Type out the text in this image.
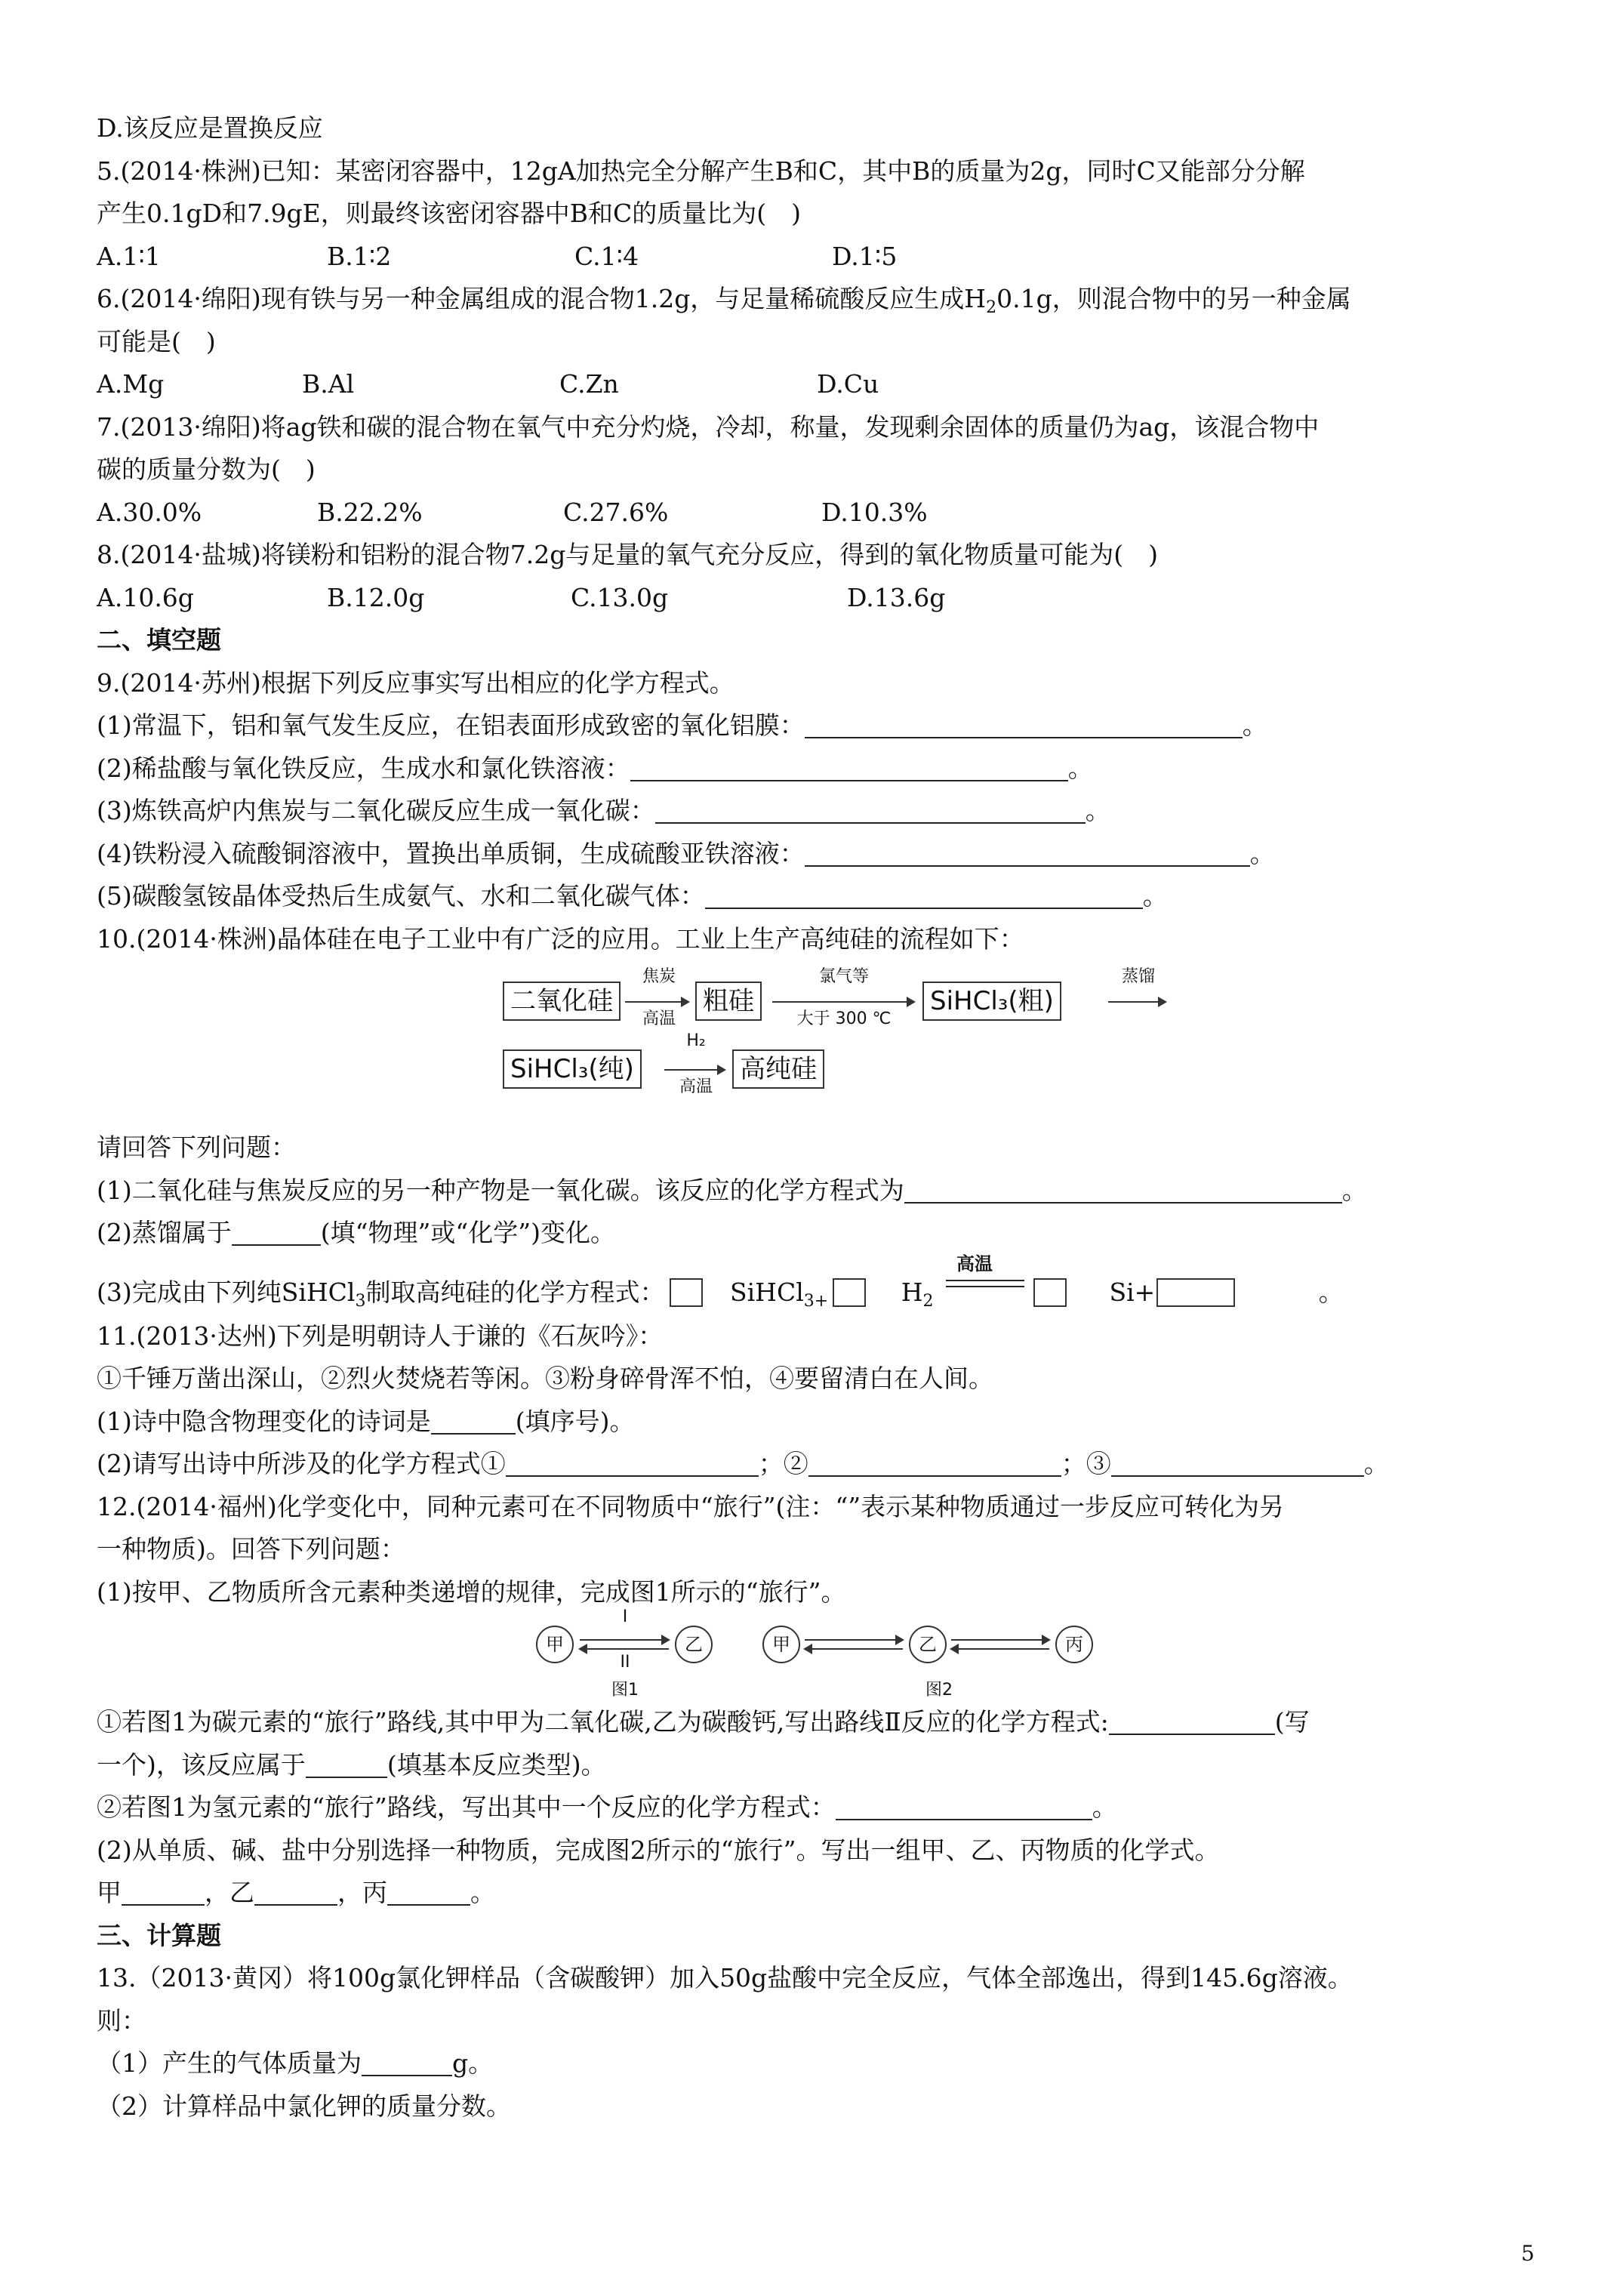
D.该反应是置换反应
5.(2014·株洲)已知：某密闭容器中，12gA加热完全分解产生B和C，其中B的质量为2g，同时C又能部分分解
产生0.1gD和7.9gE，则最终该密闭容器中B和C的质量比为(　)
A.1∶1	B.1∶2	C.1∶4	D.1∶5
6.(2014·绵阳)现有铁与另一种金属组成的混合物1.2g，与足量稀硫酸反应生成$H_20.1g$，则混合物中的另一种金属
可能是(　)
A.Mg	B.Al	C.Zn	D.Cu
7.(2013·绵阳)将ag铁和碳的混合物在氧气中充分灼烧，冷却，称量，发现剩余固体的质量仍为ag，该混合物中
碳的质量分数为(　)
A.30.0%	B.22.2%	C.27.6%	D.10.3%
8.(2014·盐城)将镁粉和铝粉的混合物7.2g与足量的氧气充分反应，得到的氧化物质量可能为(　)
A.10.6g	B.12.0g	C.13.0g	D.13.6g
二、填空题
9.(2014·苏州)根据下列反应事实写出相应的化学方程式。
(1)常温下，铝和氧气发生反应，在铝表面形成致密的氧化铝膜：	。
(2)稀盐酸与氧化铁反应，生成水和氯化铁溶液：	。
(3)炼铁高炉内焦炭与二氧化碳反应生成一氧化碳：	。
(4)铁粉浸入硫酸铜溶液中，置换出单质铜，生成硫酸亚铁溶液：	。
(5)碳酸氢铵晶体受热后生成氨气、水和二氧化碳气体：	。
10.(2014·株洲)晶体硅在电子工业中有广泛的应用。工业上生产高纯硅的流程如下：
二氧化硅
焦炭
高温
粗硅
氯气等
大于 300 ℃
SiHCl₃(粗)
蒸馏
SiHCl₃(纯)
H₂
高温
高纯硅
请回答下列问题：
(1)二氧化硅与焦炭反应的另一种产物是一氧化碳。该反应的化学方程式为	。
(2)蒸馏属于	(填“物理”或“化学”)变化。
(3)完成由下列纯SiHCl$_3$制取高纯硅的化学方程式：	SiHCl$_{3+}$	$H_2$
高温
Si+	。
11.(2013·达州)下列是明朝诗人于谦的《石灰吟》：
①千锤万凿出深山，②烈火焚烧若等闲。③粉身碎骨浑不怕，④要留清白在人间。
(1)诗中隐含物理变化的诗词是	(填序号)。
(2)请写出诗中所涉及的化学方程式①	；②	；③	。
12.(2014·福州)化学变化中，同种元素可在不同物质中“旅行”(注：“”表示某种物质通过一步反应可转化为另
一种物质)。回答下列问题：
(1)按甲、乙物质所含元素种类递增的规律，完成图1所示的“旅行”。
甲
I
II
乙
图1
甲	乙	丙
图2
①若图1为碳元素的“旅行”路线,其中甲为二氧化碳,乙为碳酸钙,写出路线Ⅱ反应的化学方程式:	(写
一个)，该反应属于	(填基本反应类型)。
②若图1为氢元素的“旅行”路线，写出其中一个反应的化学方程式：	。
(2)从单质、碱、盐中分别选择一种物质，完成图2所示的“旅行”。写出一组甲、乙、丙物质的化学式。
甲	，乙	，丙	。
三、计算题
13.（2013·黄冈）将100g氯化钾样品（含碳酸钾）加入50g盐酸中完全反应，气体全部逸出，得到145.6g溶液。
则：
（1）产生的气体质量为	g。
（2）计算样品中氯化钾的质量分数。
5
